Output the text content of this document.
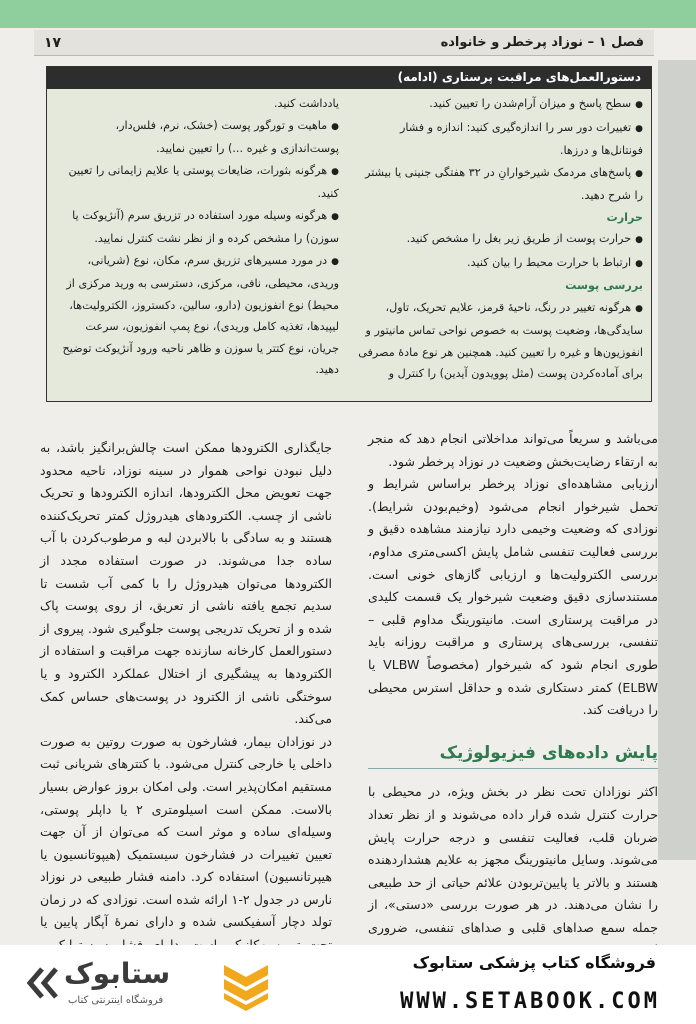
فصل ۱ – نوزاد پرخطر و خانواده
۱۷
دستورالعمل‌های مراقبت پرستاری (ادامه)

● سطح پاسخ و میزان آرام‌شدن را تعیین کنید.

● تغییرات دور سر را اندازه‌گیری کنید: اندازه و فشار فونتانل‌ها و درزها.

● پاسخ‌های مردمک شیرخوارانِ در ۳۲ هفتگی جنینی یا بیشتر را شرح دهید.

حرارت

● حرارت پوست از طریق زیر بغل را مشخص کنید.

● ارتباط با حرارت محیط را بیان کنید.

بررسی پوست

● هرگونه تغییر در رنگ، ناحیهٔ قرمز، علایم تحریک، تاول، سایدگی‌ها، وضعیت پوست به خصوص نواحی تماس مانیتور و انفوزیون‌ها و غیره را تعیین کنید. همچنین هر نوع مادهٔ مصرفی برای آماده‌کردن پوست (مثل پوویدون آیدین) را کنترل و

یادداشت کنید.

● ماهیت و تورگور پوست (خشک، نرم، فلس‌دار، پوست‌اندازی و غیره ...) را تعیین نمایید.

● هرگونه بثورات، ضایعات پوستی یا علایم زایمانی را تعیین کنید.

● هرگونه وسیله مورد استفاده در تزریق سرم (آنژیوکت یا سوزن) را مشخص کرده و از نظر نشت کنترل نمایید.

● در مورد مسیرهای تزریق سرم، مکان، نوع (شریانی، وریدی، محیطی، نافی، مرکزی، دسترسی به ورید مرکزی از محیط) نوع انفوزیون (دارو، سالین، دکستروز، الکترولیت‌ها، لیپیدها، تغذیه کامل وریدی)، نوع پمپ انفوزیون، سرعت جریان، نوع کتتر یا سوزن و ظاهر ناحیه ورود آنژیوکت توضیح دهید.

می‌باشد و سریعاً می‌تواند مداخلاتی انجام دهد که منجر به ارتقاء رضایت‌بخش وضعیت در نوزاد پرخطر شود.

ارزیابی مشاهده‌ای نوزاد پرخطر براساس شرایط و تحمل شیرخوار انجام می‌شود (وخیم‌بودن شرایط). نوزادی که وضعیت وخیمی دارد نیازمند مشاهده دقیق و بررسی فعالیت تنفسی شامل پایش اکسی‌متری مداوم، بررسی الکترولیت‌ها و ارزیابی گازهای خونی است. مستندسازی دقیق وضعیت شیرخوار یک قسمت کلیدی در مراقبت پرستاری است. مانیتورینگ مداوم قلبی – تنفسی، بررسی‌های پرستاری و مراقبت روزانه باید طوری انجام شود که شیرخوار (مخصوصاً VLBW یا ELBW) کمتر دستکاری شده و حداقل استرس محیطی را دریافت کند.

پایش داده‌های فیزیولوژیک

اکثر نوزادان تحت نظر در بخش ویژه، در محیطی با حرارت کنترل شده قرار داده می‌شوند و از نظر تعداد ضربان قلب، فعالیت تنفسی و درجه حرارت پایش می‌شوند. وسایل مانیتورینگ مجهز به علایم هشداردهنده هستند و بالاتر یا پایین‌تربودن علائم حیاتی از حد طبیعی را نشان می‌دهند. در هر صورت بررسی «دستی»، از جمله سمع صداهای قلبی و صداهای تنفسی، ضروری

جایگذاری الکترودها ممکن است چالش‌برانگیز باشد، به دلیل نبودن نواحی هموار در سینه نوزاد، ناحیه محدود جهت تعویض محل الکترودها، اندازه الکترودها و تحریک ناشی از چسب. الکترودهای هیدروژل کمتر تحریک‌کننده هستند و به سادگی با بالابردن لبه و مرطوب‌کردن با آب ساده جدا می‌شوند. در صورت استفاده مجدد از الکترودها می‌توان هیدروژل را با کمی آب شست تا سدیم تجمع یافته ناشی از تعریق، از روی پوست پاک شده و از تحریک تدریجی پوست جلوگیری شود. پیروی از دستورالعمل کارخانه سازنده جهت مراقبت و استفاده از الکترودها به پیشگیری از اختلال عملکرد الکترود و یا سوختگی ناشی از الکترود در پوست‌های حساس کمک می‌کند.

در نوزادان بیمار، فشارخون به صورت روتین به صورت داخلی یا خارجی کنترل می‌شود. با کتترهای شریانی ثبت مستقیم امکان‌پذیر است. ولی امکان بروز عوارض بسیار بالاست. ممکن است اسیلومتری ۲ یا داپلر پوستی، وسیله‌ای ساده و موثر است که می‌توان از آن جهت تعیین تغییرات در فشارخون سیستمیک (هیپوتانسیون یا هیپرتانسیون) استفاده کرد. دامنه فشار طبیعی در نوزاد نارس در جدول ۲-۱ ارائه شده است. نوزادی که در زمان تولد دچار آسفیکسی شده و دارای نمرهٔ آپگار پایین یا

ستابوک
فروشگاه اینترنتی کتاب
فروشگاه کتاب پزشکی ستابوک
WWW.SETABOOK.COM
